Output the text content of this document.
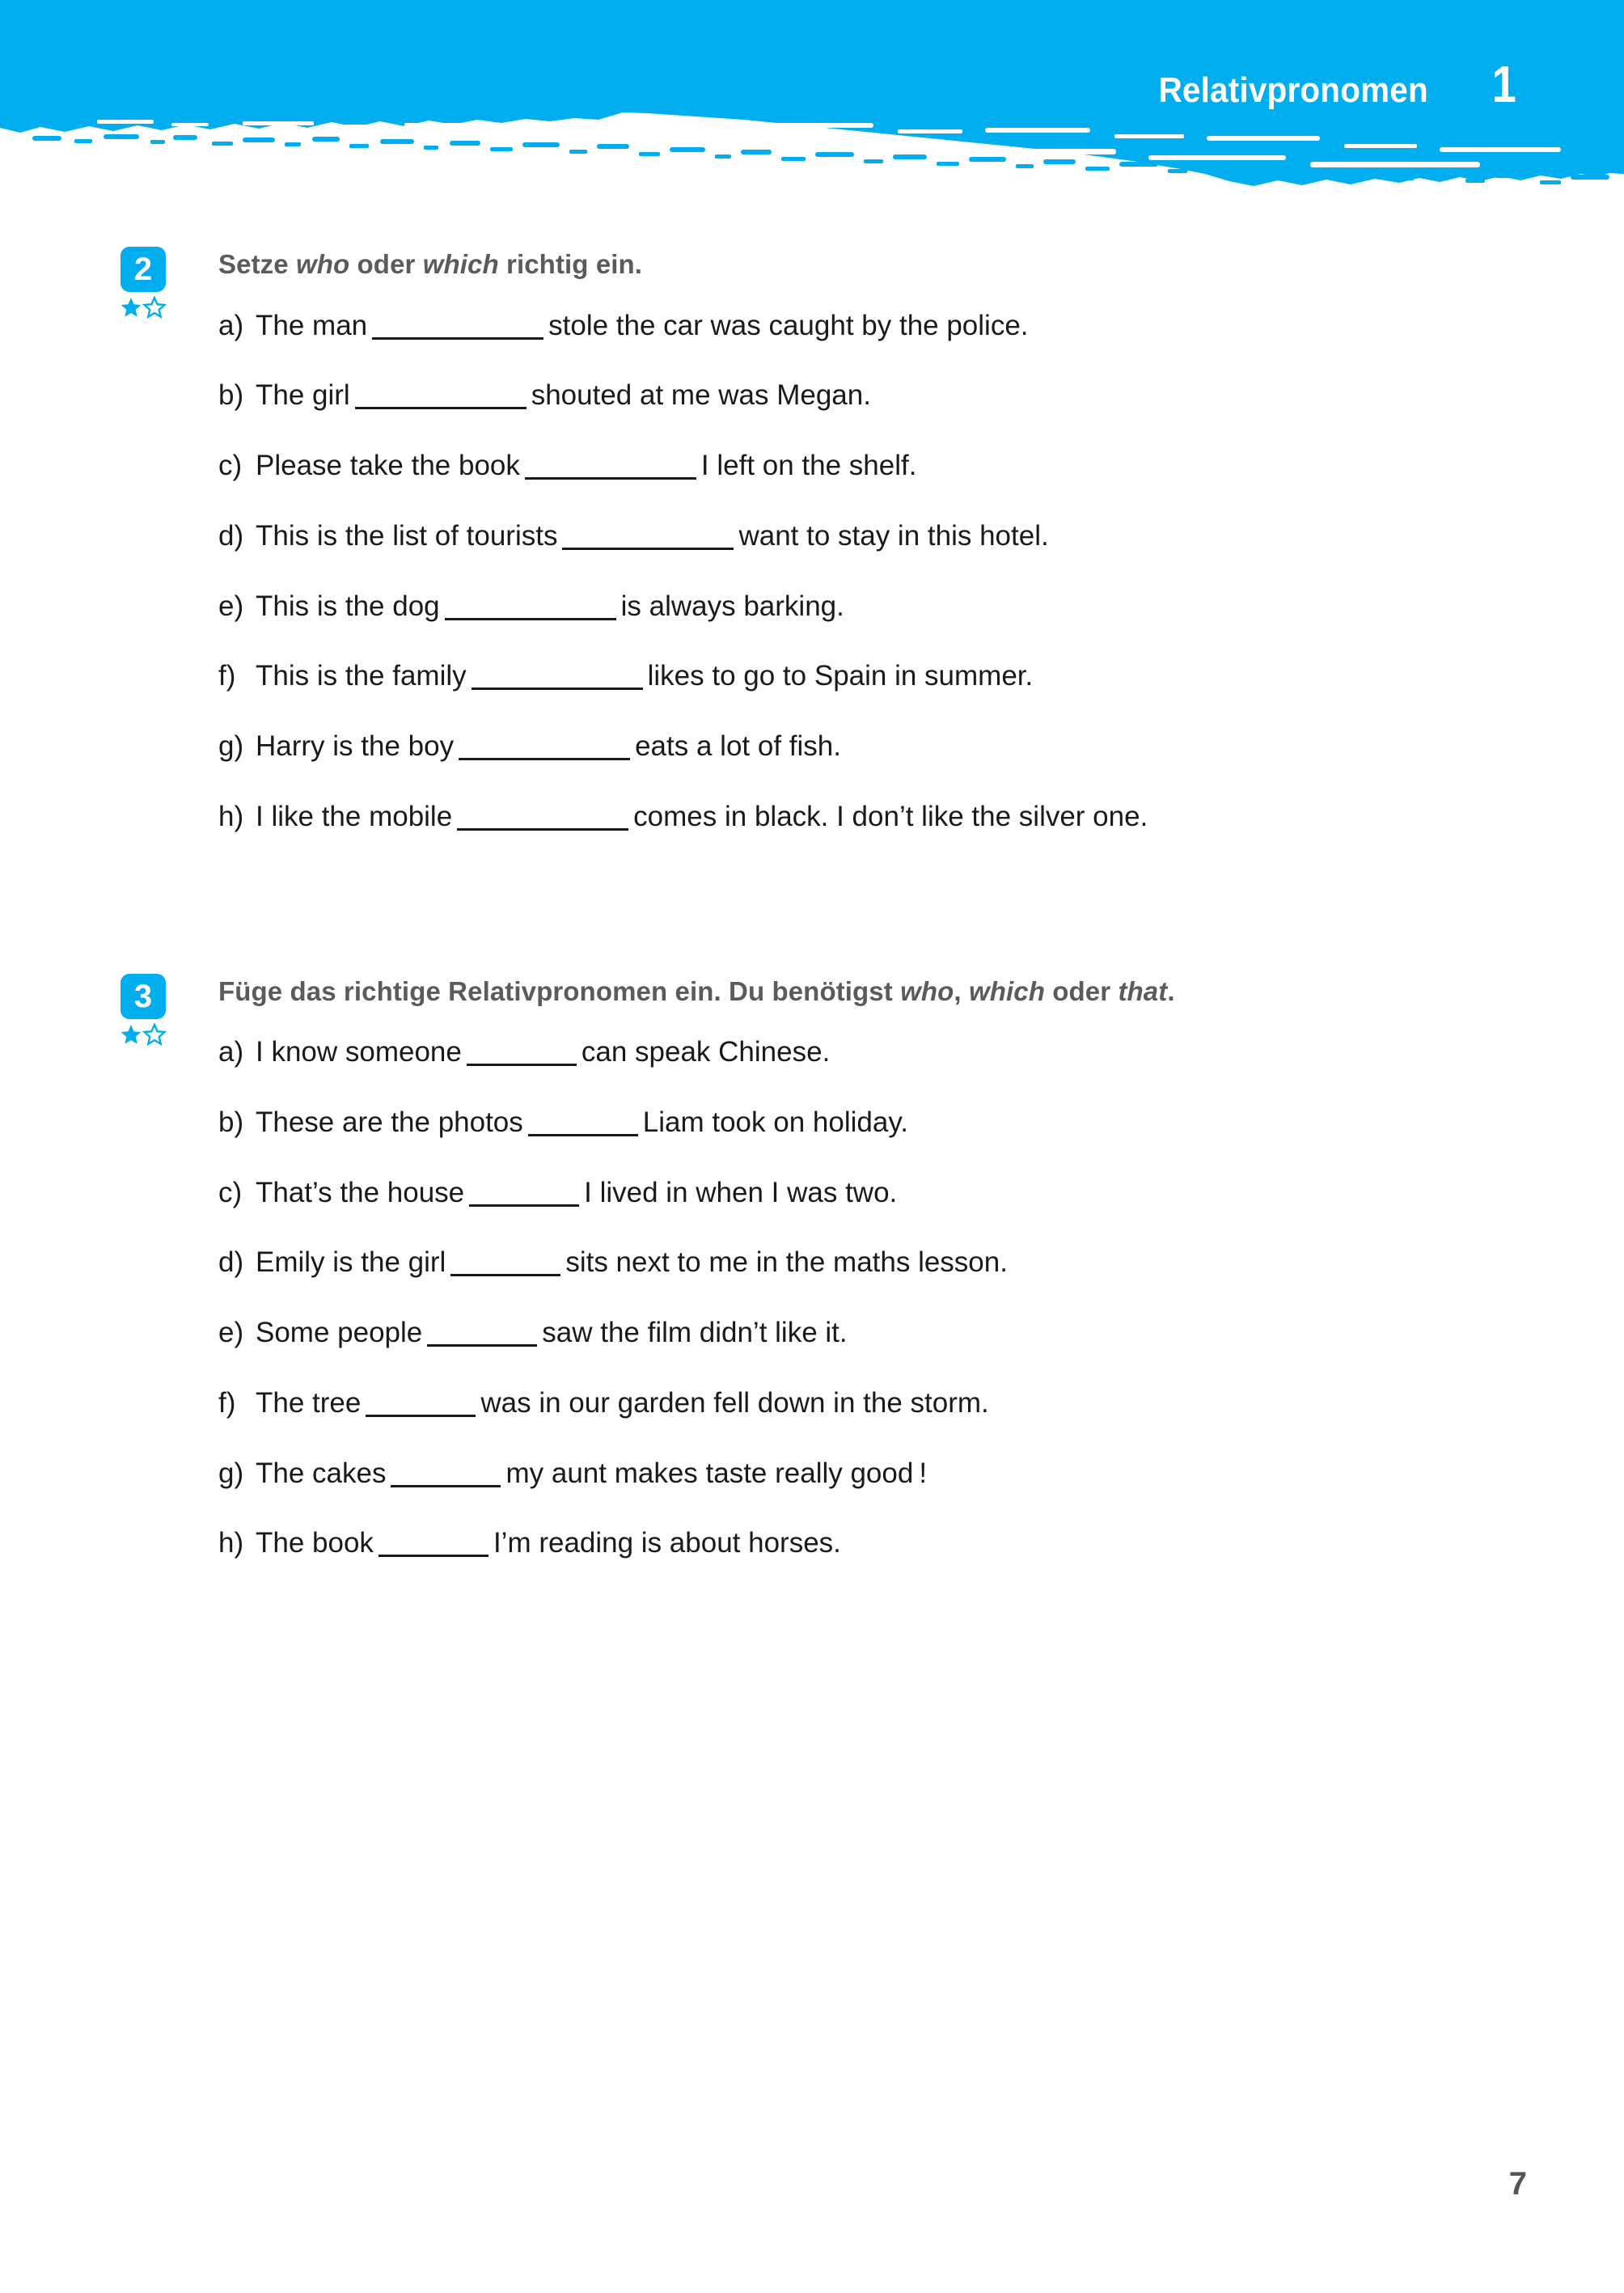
Relativpronomen 1
2	Setze who oder which richtig ein.
a) The man	stole the car was caught by the police.
b) The girl	shouted at me was Megan.
c) Please take the book	I left on the shelf.
d) This is the list of tourists	want to stay in this hotel.
e) This is the dog	is always barking.
f) This is the family	likes to go to Spain in summer.
g) Harry is the boy	eats a lot of fish.
h) I like the mobile	comes in black. I don’t like the silver one.
3	Füge das richtige Relativpronomen ein. Du benötigst who, which oder that.
a) I know someone	can speak Chinese.
b) These are the photos	Liam took on holiday.
c) That’s the house	I lived in when I was two.
d) Emily is the girl	sits next to me in the maths lesson.
e) Some people	saw the film didn’t like it.
f) The tree	was in our garden fell down in the storm.
g) The cakes	my aunt makes taste really good !
h) The book	I’m reading is about horses.
7
